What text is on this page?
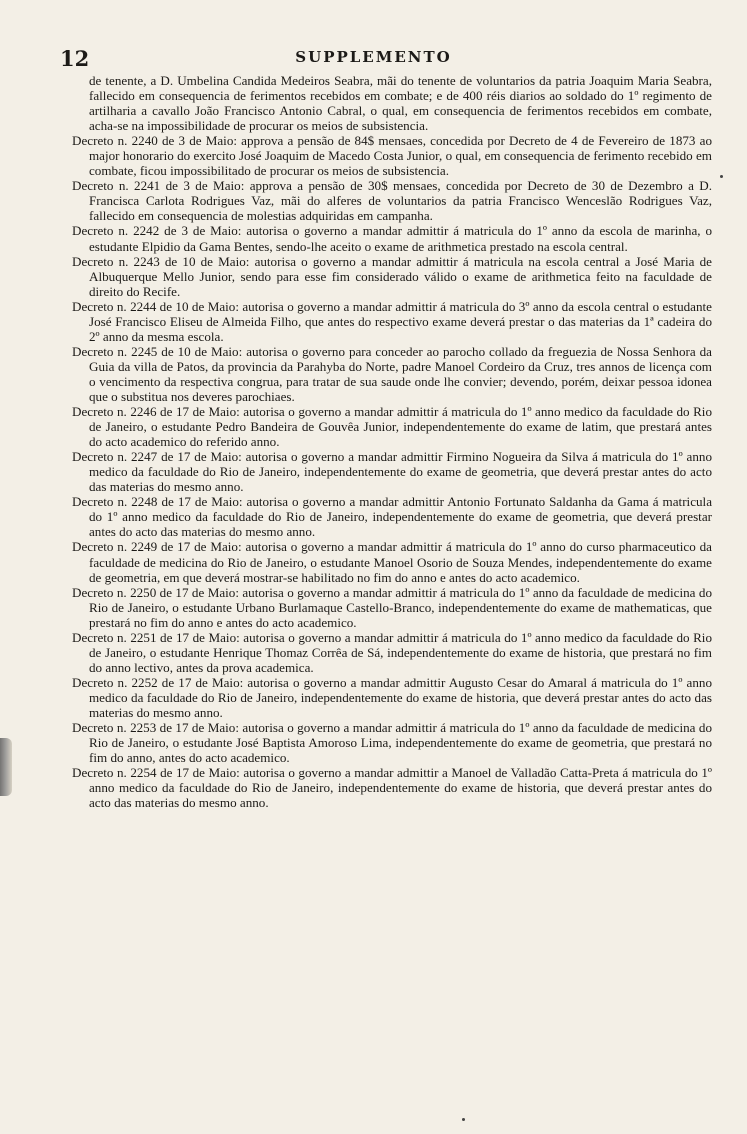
12	SUPPLEMENTO

de tenente, a D. Umbelina Candida Medeiros Seabra, mãi do tenente de voluntarios da patria Joaquim Maria Seabra, fallecido em consequencia de ferimentos recebidos em combate; e de 400 réis diarios ao soldado do 1º regimento de artilharia a cavallo João Francisco Antonio Cabral, o qual, em consequencia de ferimentos recebidos em combate, acha-se na impossibilidade de procurar os meios de subsistencia.

Decreto n. 2240 de 3 de Maio: approva a pensão de 84$ mensaes, concedida por Decreto de 4 de Fevereiro de 1873 ao major honorario do exercito José Joaquim de Macedo Costa Junior, o qual, em consequencia de ferimento recebido em combate, ficou impossibilitado de procurar os meios de subsistencia.

Decreto n. 2241 de 3 de Maio: approva a pensão de 30$ mensaes, concedida por Decreto de 30 de Dezembro a D. Francisca Carlota Rodrigues Vaz, mãi do alferes de voluntarios da patria Francisco Wenceslão Rodrigues Vaz, fallecido em consequencia de molestias adquiridas em campanha.

Decreto n. 2242 de 3 de Maio: autorisa o governo a mandar admittir á matricula do 1º anno da escola de marinha, o estudante Elpidio da Gama Bentes, sendo-lhe aceito o exame de arithmetica prestado na escola central.

Decreto n. 2243 de 10 de Maio: autorisa o governo a mandar admittir á matricula na escola central a José Maria de Albuquerque Mello Junior, sendo para esse fim considerado válido o exame de arithmetica feito na faculdade de direito do Recife.

Decreto n. 2244 de 10 de Maio: autorisa o governo a mandar admittir á matricula do 3º anno da escola central o estudante José Francisco Eliseu de Almeida Filho, que antes do respectivo exame deverá prestar o das materias da 1ª cadeira do 2º anno da mesma escola.

Decreto n. 2245 de 10 de Maio: autorisa o governo para conceder ao parocho collado da freguezia de Nossa Senhora da Guia da villa de Patos, da provincia da Parahyba do Norte, padre Manoel Cordeiro da Cruz, tres annos de licença com o vencimento da respectiva congrua, para tratar de sua saude onde lhe convier; devendo, porém, deixar pessoa idonea que o substitua nos deveres parochiaes.

Decreto n. 2246 de 17 de Maio: autorisa o governo a mandar admittir á matricula do 1º anno medico da faculdade do Rio de Janeiro, o estudante Pedro Bandeira de Gouvêa Junior, independentemente do exame de latim, que prestará antes do acto academico do referido anno.

Decreto n. 2247 de 17 de Maio: autorisa o governo a mandar admittir Firmino Nogueira da Silva á matricula do 1º anno medico da faculdade do Rio de Janeiro, independentemente do exame de geometria, que deverá prestar antes do acto das materias do mesmo anno.

Decreto n. 2248 de 17 de Maio: autorisa o governo a mandar admittir Antonio Fortunato Saldanha da Gama á matricula do 1º anno medico da faculdade do Rio de Janeiro, independentemente do exame de geometria, que deverá prestar antes do acto das materias do mesmo anno.

Decreto n. 2249 de 17 de Maio: autorisa o governo a mandar admittir á matricula do 1º anno do curso pharmaceutico da faculdade de medicina do Rio de Janeiro, o estudante Manoel Osorio de Souza Mendes, independentemente do exame de geometria, em que deverá mostrar-se habilitado no fim do anno e antes do acto academico.

Decreto n. 2250 de 17 de Maio: autorisa o governo a mandar admittir á matricula do 1º anno da faculdade de medicina do Rio de Janeiro, o estudante Urbano Burlamaque Castello-Branco, independentemente do exame de mathematicas, que prestará no fim do anno e antes do acto academico.

Decreto n. 2251 de 17 de Maio: autorisa o governo a mandar admittir á matricula do 1º anno medico da faculdade do Rio de Janeiro, o estudante Henrique Thomaz Corrêa de Sá, independentemente do exame de historia, que prestará no fim do anno lectivo, antes da prova academica.

Decreto n. 2252 de 17 de Maio: autorisa o governo a mandar admittir Augusto Cesar do Amaral á matricula do 1º anno medico da faculdade do Rio de Janeiro, independentemente do exame de historia, que deverá prestar antes do acto das materias do mesmo anno.

Decreto n. 2253 de 17 de Maio: autorisa o governo a mandar admittir á matricula do 1º anno da faculdade de medicina do Rio de Janeiro, o estudante José Baptista Amoroso Lima, independentemente do exame de geometria, que prestará no fim do anno, antes do acto academico.

Decreto n. 2254 de 17 de Maio: autorisa o governo a mandar admittir a Manoel de Valladão Catta-Preta á matricula do 1º anno medico da faculdade do Rio de Janeiro, independentemente do exame de historia, que deverá prestar antes do acto das materias do mesmo anno.
